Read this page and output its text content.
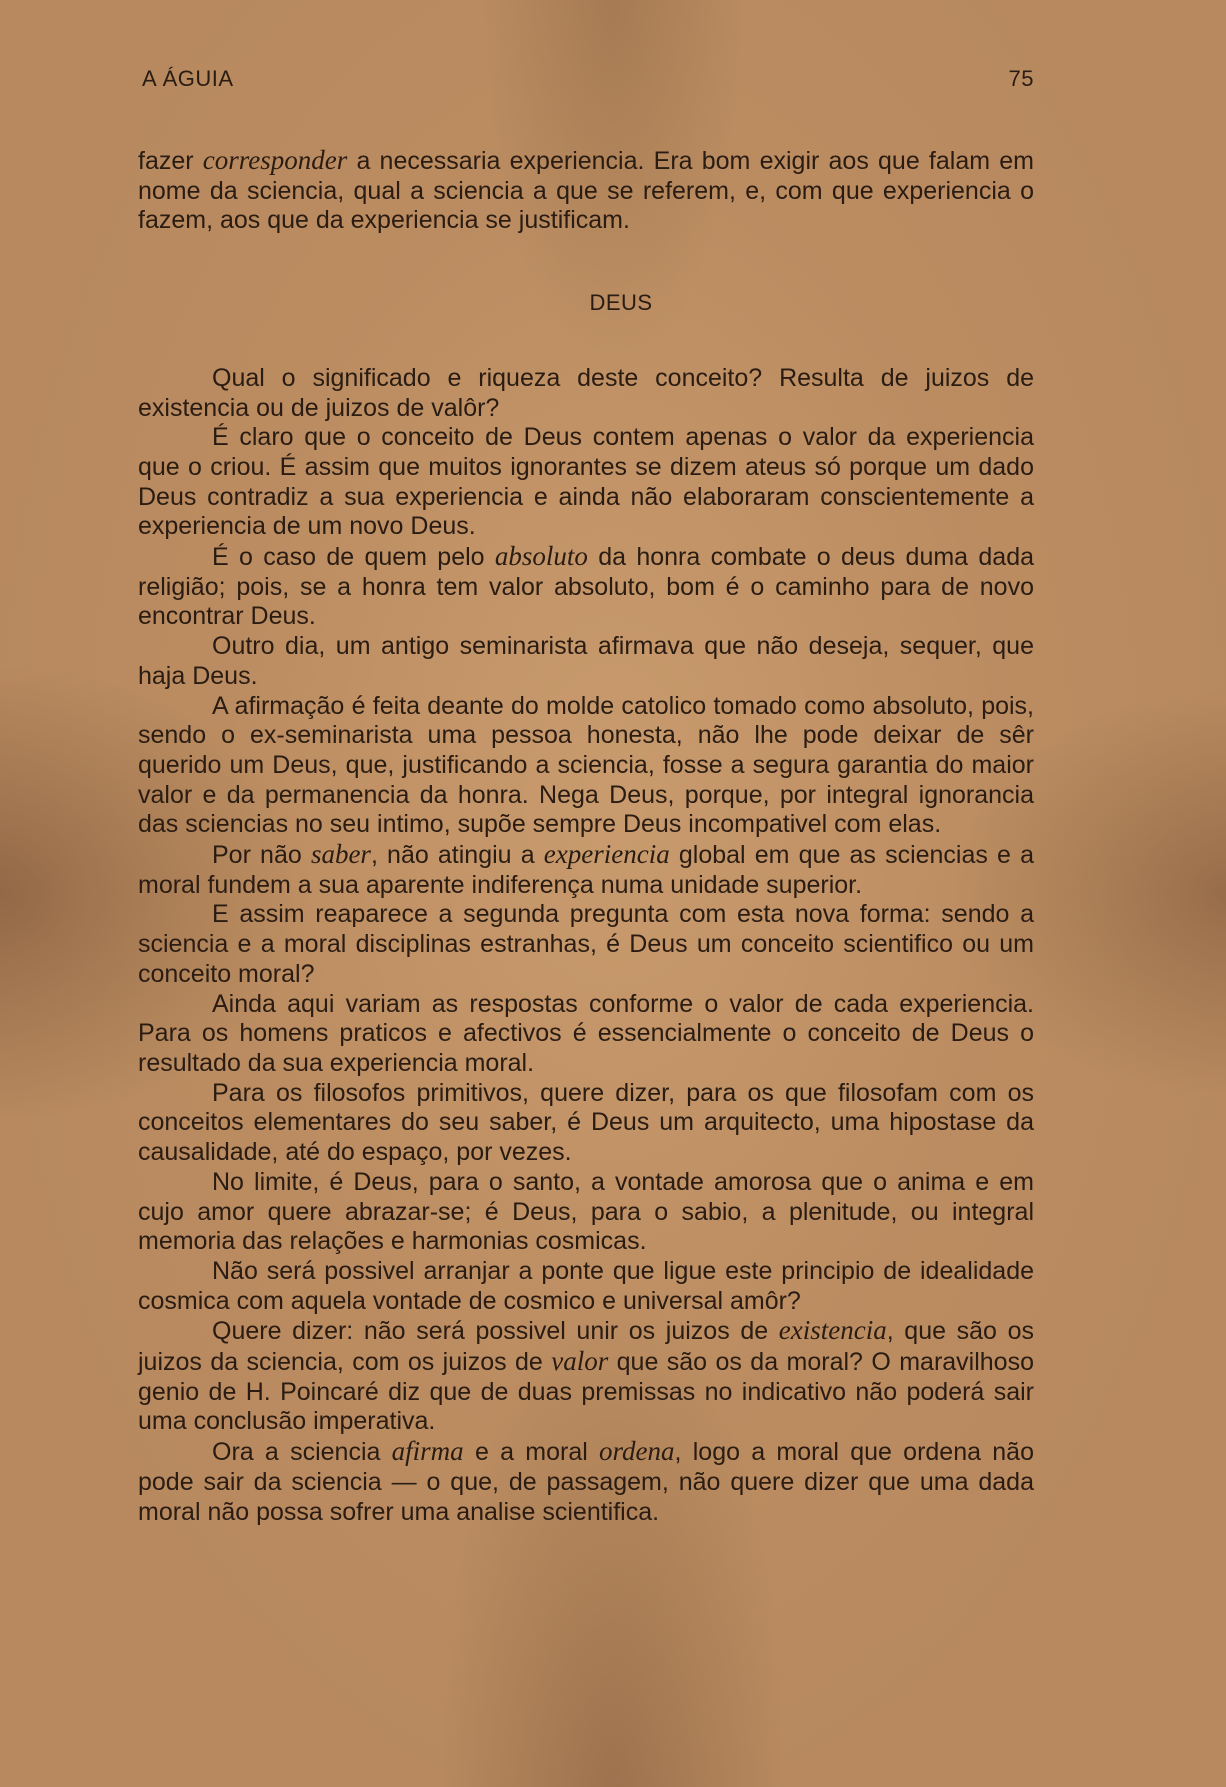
A ÁGUIA	75

fazer corresponder a necessaria experiencia. Era bom exigir aos que falam em nome da sciencia, qual a sciencia a que se referem, e, com que experiencia o fazem, aos que da experiencia se justificam.

DEUS

Qual o significado e riqueza deste conceito? Resulta de juizos de existencia ou de juizos de valôr?

É claro que o conceito de Deus contem apenas o valor da experiencia que o criou. É assim que muitos ignorantes se dizem ateus só porque um dado Deus contradiz a sua experiencia e ainda não elaboraram conscientemente a experiencia de um novo Deus.

É o caso de quem pelo absoluto da honra combate o deus duma dada religião; pois, se a honra tem valor absoluto, bom é o caminho para de novo encontrar Deus.

Outro dia, um antigo seminarista afirmava que não deseja, sequer, que haja Deus.

A afirmação é feita deante do molde catolico tomado como absoluto, pois, sendo o ex-seminarista uma pessoa honesta, não lhe pode deixar de sêr querido um Deus, que, justificando a sciencia, fosse a segura garantia do maior valor e da permanencia da honra. Nega Deus, porque, por integral ignorancia das sciencias no seu intimo, supõe sempre Deus incompativel com elas.

Por não saber, não atingiu a experiencia global em que as sciencias e a moral fundem a sua aparente indiferença numa unidade superior.

E assim reaparece a segunda pregunta com esta nova forma: sendo a sciencia e a moral disciplinas estranhas, é Deus um conceito scientifico ou um conceito moral?

Ainda aqui variam as respostas conforme o valor de cada experiencia. Para os homens praticos e afectivos é essencialmente o conceito de Deus o resultado da sua experiencia moral.

Para os filosofos primitivos, quere dizer, para os que filosofam com os conceitos elementares do seu saber, é Deus um arquitecto, uma hipostase da causalidade, até do espaço, por vezes.

No limite, é Deus, para o santo, a vontade amorosa que o anima e em cujo amor quere abrazar-se; é Deus, para o sabio, a plenitude, ou integral memoria das relações e harmonias cosmicas.

Não será possivel arranjar a ponte que ligue este principio de idealidade cosmica com aquela vontade de cosmico e universal amôr?

Quere dizer: não será possivel unir os juizos de existencia, que são os juizos da sciencia, com os juizos de valor que são os da moral? O maravilhoso genio de H. Poincaré diz que de duas premissas no indicativo não poderá sair uma conclusão imperativa.

Ora a sciencia afirma e a moral ordena, logo a moral que ordena não pode sair da sciencia — o que, de passagem, não quere dizer que uma dada moral não possa sofrer uma analise scientifica.
